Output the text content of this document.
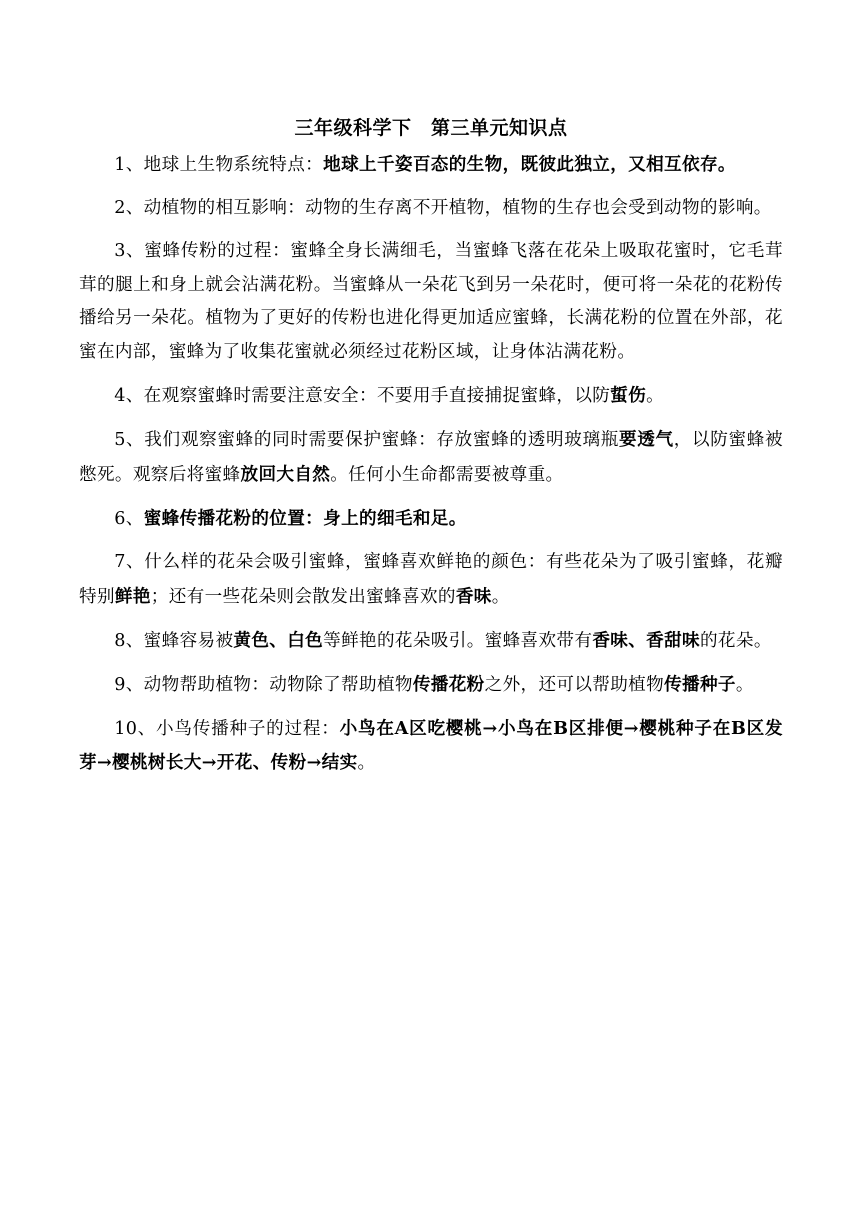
三年级科学下　第三单元知识点

1、地球上生物系统特点：地球上千姿百态的生物，既彼此独立，又相互依存。

2、动植物的相互影响：动物的生存离不开植物，植物的生存也会受到动物的影响。

3、蜜蜂传粉的过程：蜜蜂全身长满细毛，当蜜蜂飞落在花朵上吸取花蜜时，它毛茸茸的腿上和身上就会沾满花粉。当蜜蜂从一朵花飞到另一朵花时，便可将一朵花的花粉传播给另一朵花。植物为了更好的传粉也进化得更加适应蜜蜂，长满花粉的位置在外部，花蜜在内部，蜜蜂为了收集花蜜就必须经过花粉区域，让身体沾满花粉。

4、在观察蜜蜂时需要注意安全：不要用手直接捕捉蜜蜂，以防蜇伤。

5、我们观察蜜蜂的同时需要保护蜜蜂：存放蜜蜂的透明玻璃瓶要透气，以防蜜蜂被憋死。观察后将蜜蜂放回大自然。任何小生命都需要被尊重。

6、蜜蜂传播花粉的位置：身上的细毛和足。

7、什么样的花朵会吸引蜜蜂，蜜蜂喜欢鲜艳的颜色：有些花朵为了吸引蜜蜂，花瓣特别鲜艳；还有一些花朵则会散发出蜜蜂喜欢的香味。

8、蜜蜂容易被黄色、白色等鲜艳的花朵吸引。蜜蜂喜欢带有香味、香甜味的花朵。

9、动物帮助植物：动物除了帮助植物传播花粉之外，还可以帮助植物传播种子。

10、小鸟传播种子的过程：小鸟在A区吃樱桃→小鸟在B区排便→樱桃种子在B区发芽→樱桃树长大→开花、传粉→结实。
